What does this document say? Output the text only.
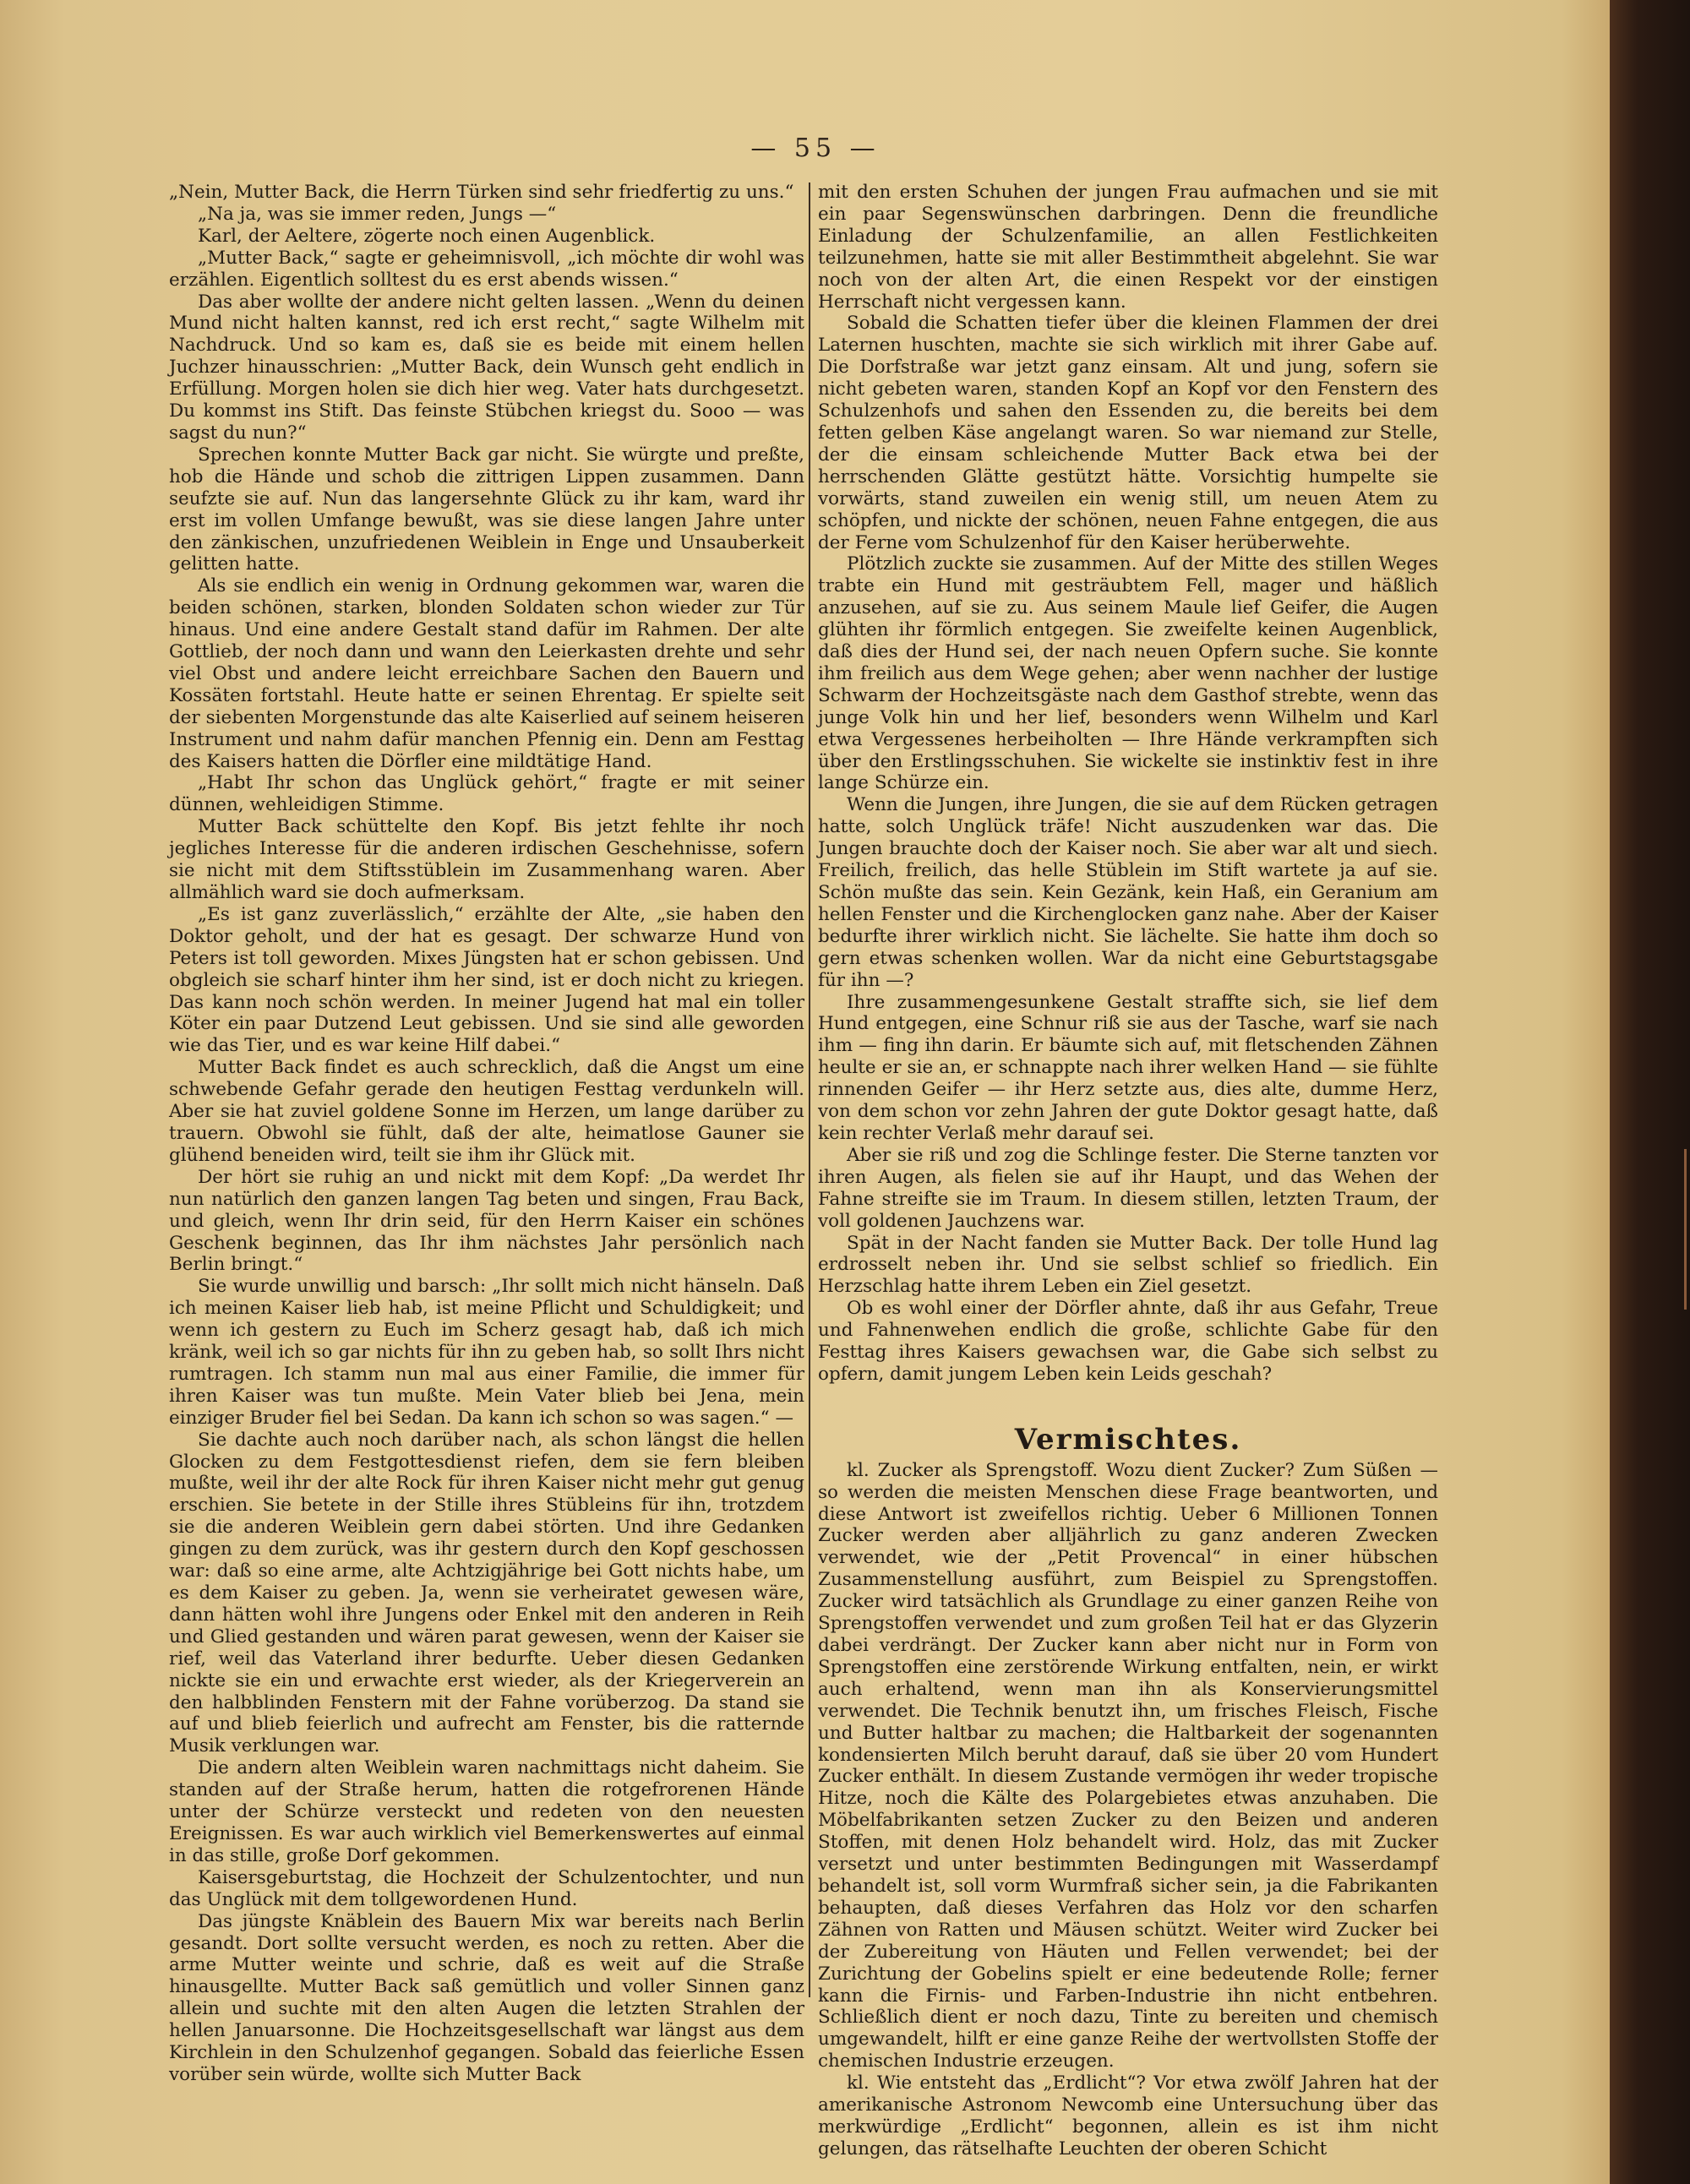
— 55 —

„Nein, Mutter Back, die Herrn Türken sind sehr friedfertig zu uns.“

„Na ja, was sie immer reden, Jungs —“

Karl, der Aeltere, zögerte noch einen Augenblick.

„Mutter Back,“ sagte er geheimnisvoll, „ich möchte dir wohl was erzählen. Eigentlich solltest du es erst abends wissen.“

Das aber wollte der andere nicht gelten lassen. „Wenn du deinen Mund nicht halten kannst, red ich erst recht,“ sagte Wilhelm mit Nachdruck. Und so kam es, daß sie es beide mit einem hellen Juchzer hinausschrien: „Mutter Back, dein Wunsch geht endlich in Erfüllung. Morgen holen sie dich hier weg. Vater hats durchgesetzt. Du kommst ins Stift. Das feinste Stübchen kriegst du. Sooo — was sagst du nun?“

Sprechen konnte Mutter Back gar nicht. Sie würgte und preßte, hob die Hände und schob die zittrigen Lippen zusammen. Dann seufzte sie auf. Nun das langersehnte Glück zu ihr kam, ward ihr erst im vollen Umfange bewußt, was sie diese langen Jahre unter den zänkischen, unzufriedenen Weiblein in Enge und Unsauberkeit gelitten hatte.

Als sie endlich ein wenig in Ordnung gekommen war, waren die beiden schönen, starken, blonden Soldaten schon wieder zur Tür hinaus. Und eine andere Gestalt stand dafür im Rahmen. Der alte Gottlieb, der noch dann und wann den Leierkasten drehte und sehr viel Obst und andere leicht erreichbare Sachen den Bauern und Kossäten fortstahl. Heute hatte er seinen Ehrentag. Er spielte seit der siebenten Morgenstunde das alte Kaiserlied auf seinem heiseren Instrument und nahm dafür manchen Pfennig ein. Denn am Festtag des Kaisers hatten die Dörfler eine mildtätige Hand.

„Habt Ihr schon das Unglück gehört,“ fragte er mit seiner dünnen, wehleidigen Stimme.

Mutter Back schüttelte den Kopf. Bis jetzt fehlte ihr noch jegliches Interesse für die anderen irdischen Geschehnisse, sofern sie nicht mit dem Stiftsstüblein im Zusammenhang waren. Aber allmählich ward sie doch aufmerksam.

„Es ist ganz zuverlässlich,“ erzählte der Alte, „sie haben den Doktor geholt, und der hat es gesagt. Der schwarze Hund von Peters ist toll geworden. Mixes Jüngsten hat er schon gebissen. Und obgleich sie scharf hinter ihm her sind, ist er doch nicht zu kriegen. Das kann noch schön werden. In meiner Jugend hat mal ein toller Köter ein paar Dutzend Leut gebissen. Und sie sind alle geworden wie das Tier, und es war keine Hilf dabei.“

Mutter Back findet es auch schrecklich, daß die Angst um eine schwebende Gefahr gerade den heutigen Festtag verdunkeln will. Aber sie hat zuviel goldene Sonne im Herzen, um lange darüber zu trauern. Obwohl sie fühlt, daß der alte, heimatlose Gauner sie glühend beneiden wird, teilt sie ihm ihr Glück mit.

Der hört sie ruhig an und nickt mit dem Kopf: „Da werdet Ihr nun natürlich den ganzen langen Tag beten und singen, Frau Back, und gleich, wenn Ihr drin seid, für den Herrn Kaiser ein schönes Geschenk beginnen, das Ihr ihm nächstes Jahr persönlich nach Berlin bringt.“

Sie wurde unwillig und barsch: „Ihr sollt mich nicht hänseln. Daß ich meinen Kaiser lieb hab, ist meine Pflicht und Schuldigkeit; und wenn ich gestern zu Euch im Scherz gesagt hab, daß ich mich kränk, weil ich so gar nichts für ihn zu geben hab, so sollt Ihrs nicht rumtragen. Ich stamm nun mal aus einer Familie, die immer für ihren Kaiser was tun mußte. Mein Vater blieb bei Jena, mein einziger Bruder fiel bei Sedan. Da kann ich schon so was sagen.“ —

Sie dachte auch noch darüber nach, als schon längst die hellen Glocken zu dem Festgottesdienst riefen, dem sie fern bleiben mußte, weil ihr der alte Rock für ihren Kaiser nicht mehr gut genug erschien. Sie betete in der Stille ihres Stübleins für ihn, trotzdem sie die anderen Weiblein gern dabei störten. Und ihre Gedanken gingen zu dem zurück, was ihr gestern durch den Kopf geschossen war: daß so eine arme, alte Achtzigjährige bei Gott nichts habe, um es dem Kaiser zu geben. Ja, wenn sie verheiratet gewesen wäre, dann hätten wohl ihre Jungens oder Enkel mit den anderen in Reih und Glied gestanden und wären parat gewesen, wenn der Kaiser sie rief, weil das Vaterland ihrer bedurfte. Ueber diesen Gedanken nickte sie ein und erwachte erst wieder, als der Kriegerverein an den halbblinden Fenstern mit der Fahne vorüberzog. Da stand sie auf und blieb feierlich und aufrecht am Fenster, bis die ratternde Musik verklungen war.

Die andern alten Weiblein waren nachmittags nicht daheim. Sie standen auf der Straße herum, hatten die rotgefrorenen Hände unter der Schürze versteckt und redeten von den neuesten Ereignissen. Es war auch wirklich viel Bemerkenswertes auf einmal in das stille, große Dorf gekommen.

Kaisersgeburtstag, die Hochzeit der Schulzentochter, und nun das Unglück mit dem tollgewordenen Hund.

Das jüngste Knäblein des Bauern Mix war bereits nach Berlin gesandt. Dort sollte versucht werden, es noch zu retten. Aber die arme Mutter weinte und schrie, daß es weit auf die Straße hinausgellte. Mutter Back saß gemütlich und voller Sinnen ganz allein und suchte mit den alten Augen die letzten Strahlen der hellen Januarsonne. Die Hochzeitsgesellschaft war längst aus dem Kirchlein in den Schulzenhof gegangen. Sobald das feierliche Essen vorüber sein würde, wollte sich Mutter Back

mit den ersten Schuhen der jungen Frau aufmachen und sie mit ein paar Segenswünschen darbringen. Denn die freundliche Einladung der Schulzenfamilie, an allen Festlichkeiten teilzunehmen, hatte sie mit aller Bestimmtheit abgelehnt. Sie war noch von der alten Art, die einen Respekt vor der einstigen Herrschaft nicht vergessen kann.

Sobald die Schatten tiefer über die kleinen Flammen der drei Laternen huschten, machte sie sich wirklich mit ihrer Gabe auf. Die Dorfstraße war jetzt ganz einsam. Alt und jung, sofern sie nicht gebeten waren, standen Kopf an Kopf vor den Fenstern des Schulzenhofs und sahen den Essenden zu, die bereits bei dem fetten gelben Käse angelangt waren. So war niemand zur Stelle, der die einsam schleichende Mutter Back etwa bei der herrschenden Glätte gestützt hätte. Vorsichtig humpelte sie vorwärts, stand zuweilen ein wenig still, um neuen Atem zu schöpfen, und nickte der schönen, neuen Fahne entgegen, die aus der Ferne vom Schulzenhof für den Kaiser herüberwehte.

Plötzlich zuckte sie zusammen. Auf der Mitte des stillen Weges trabte ein Hund mit gesträubtem Fell, mager und häßlich anzusehen, auf sie zu. Aus seinem Maule lief Geifer, die Augen glühten ihr förmlich entgegen. Sie zweifelte keinen Augenblick, daß dies der Hund sei, der nach neuen Opfern suche. Sie konnte ihm freilich aus dem Wege gehen; aber wenn nachher der lustige Schwarm der Hochzeitsgäste nach dem Gasthof strebte, wenn das junge Volk hin und her lief, besonders wenn Wilhelm und Karl etwa Vergessenes herbeiholten — Ihre Hände verkrampften sich über den Erstlingsschuhen. Sie wickelte sie instinktiv fest in ihre lange Schürze ein.

Wenn die Jungen, ihre Jungen, die sie auf dem Rücken getragen hatte, solch Unglück träfe! Nicht auszudenken war das. Die Jungen brauchte doch der Kaiser noch. Sie aber war alt und siech. Freilich, freilich, das helle Stüblein im Stift wartete ja auf sie. Schön mußte das sein. Kein Gezänk, kein Haß, ein Geranium am hellen Fenster und die Kirchenglocken ganz nahe. Aber der Kaiser bedurfte ihrer wirklich nicht. Sie lächelte. Sie hatte ihm doch so gern etwas schenken wollen. War da nicht eine Geburtstagsgabe für ihn —?

Ihre zusammengesunkene Gestalt straffte sich, sie lief dem Hund entgegen, eine Schnur riß sie aus der Tasche, warf sie nach ihm — fing ihn darin. Er bäumte sich auf, mit fletschenden Zähnen heulte er sie an, er schnappte nach ihrer welken Hand — sie fühlte rinnenden Geifer — ihr Herz setzte aus, dies alte, dumme Herz, von dem schon vor zehn Jahren der gute Doktor gesagt hatte, daß kein rechter Verlaß mehr darauf sei.

Aber sie riß und zog die Schlinge fester. Die Sterne tanzten vor ihren Augen, als fielen sie auf ihr Haupt, und das Wehen der Fahne streifte sie im Traum. In diesem stillen, letzten Traum, der voll goldenen Jauchzens war.

Spät in der Nacht fanden sie Mutter Back. Der tolle Hund lag erdrosselt neben ihr. Und sie selbst schlief so friedlich. Ein Herzschlag hatte ihrem Leben ein Ziel gesetzt.

Ob es wohl einer der Dörfler ahnte, daß ihr aus Gefahr, Treue und Fahnenwehen endlich die große, schlichte Gabe für den Festtag ihres Kaisers gewachsen war, die Gabe sich selbst zu opfern, damit jungem Leben kein Leids geschah?

Vermischtes.

kl. Zucker als Sprengstoff. Wozu dient Zucker? Zum Süßen — so werden die meisten Menschen diese Frage beantworten, und diese Antwort ist zweifellos richtig. Ueber 6 Millionen Tonnen Zucker werden aber alljährlich zu ganz anderen Zwecken verwendet, wie der „Petit Provencal“ in einer hübschen Zusammenstellung ausführt, zum Beispiel zu Sprengstoffen. Zucker wird tatsächlich als Grundlage zu einer ganzen Reihe von Sprengstoffen verwendet und zum großen Teil hat er das Glyzerin dabei verdrängt. Der Zucker kann aber nicht nur in Form von Sprengstoffen eine zerstörende Wirkung entfalten, nein, er wirkt auch erhaltend, wenn man ihn als Konservierungsmittel verwendet. Die Technik benutzt ihn, um frisches Fleisch, Fische und Butter haltbar zu machen; die Haltbarkeit der sogenannten kondensierten Milch beruht darauf, daß sie über 20 vom Hundert Zucker enthält. In diesem Zustande vermögen ihr weder tropische Hitze, noch die Kälte des Polargebietes etwas anzuhaben. Die Möbelfabrikanten setzen Zucker zu den Beizen und anderen Stoffen, mit denen Holz behandelt wird. Holz, das mit Zucker versetzt und unter bestimmten Bedingungen mit Wasserdampf behandelt ist, soll vorm Wurmfraß sicher sein, ja die Fabrikanten behaupten, daß dieses Verfahren das Holz vor den scharfen Zähnen von Ratten und Mäusen schützt. Weiter wird Zucker bei der Zubereitung von Häuten und Fellen verwendet; bei der Zurichtung der Gobelins spielt er eine bedeutende Rolle; ferner kann die Firnis- und Farben-Industrie ihn nicht entbehren. Schließlich dient er noch dazu, Tinte zu bereiten und chemisch umgewandelt, hilft er eine ganze Reihe der wertvollsten Stoffe der chemischen Industrie erzeugen.

kl. Wie entsteht das „Erdlicht“? Vor etwa zwölf Jahren hat der amerikanische Astronom Newcomb eine Untersuchung über das merkwürdige „Erdlicht“ begonnen, allein es ist ihm nicht gelungen, das rätselhafte Leuchten der oberen Schicht
